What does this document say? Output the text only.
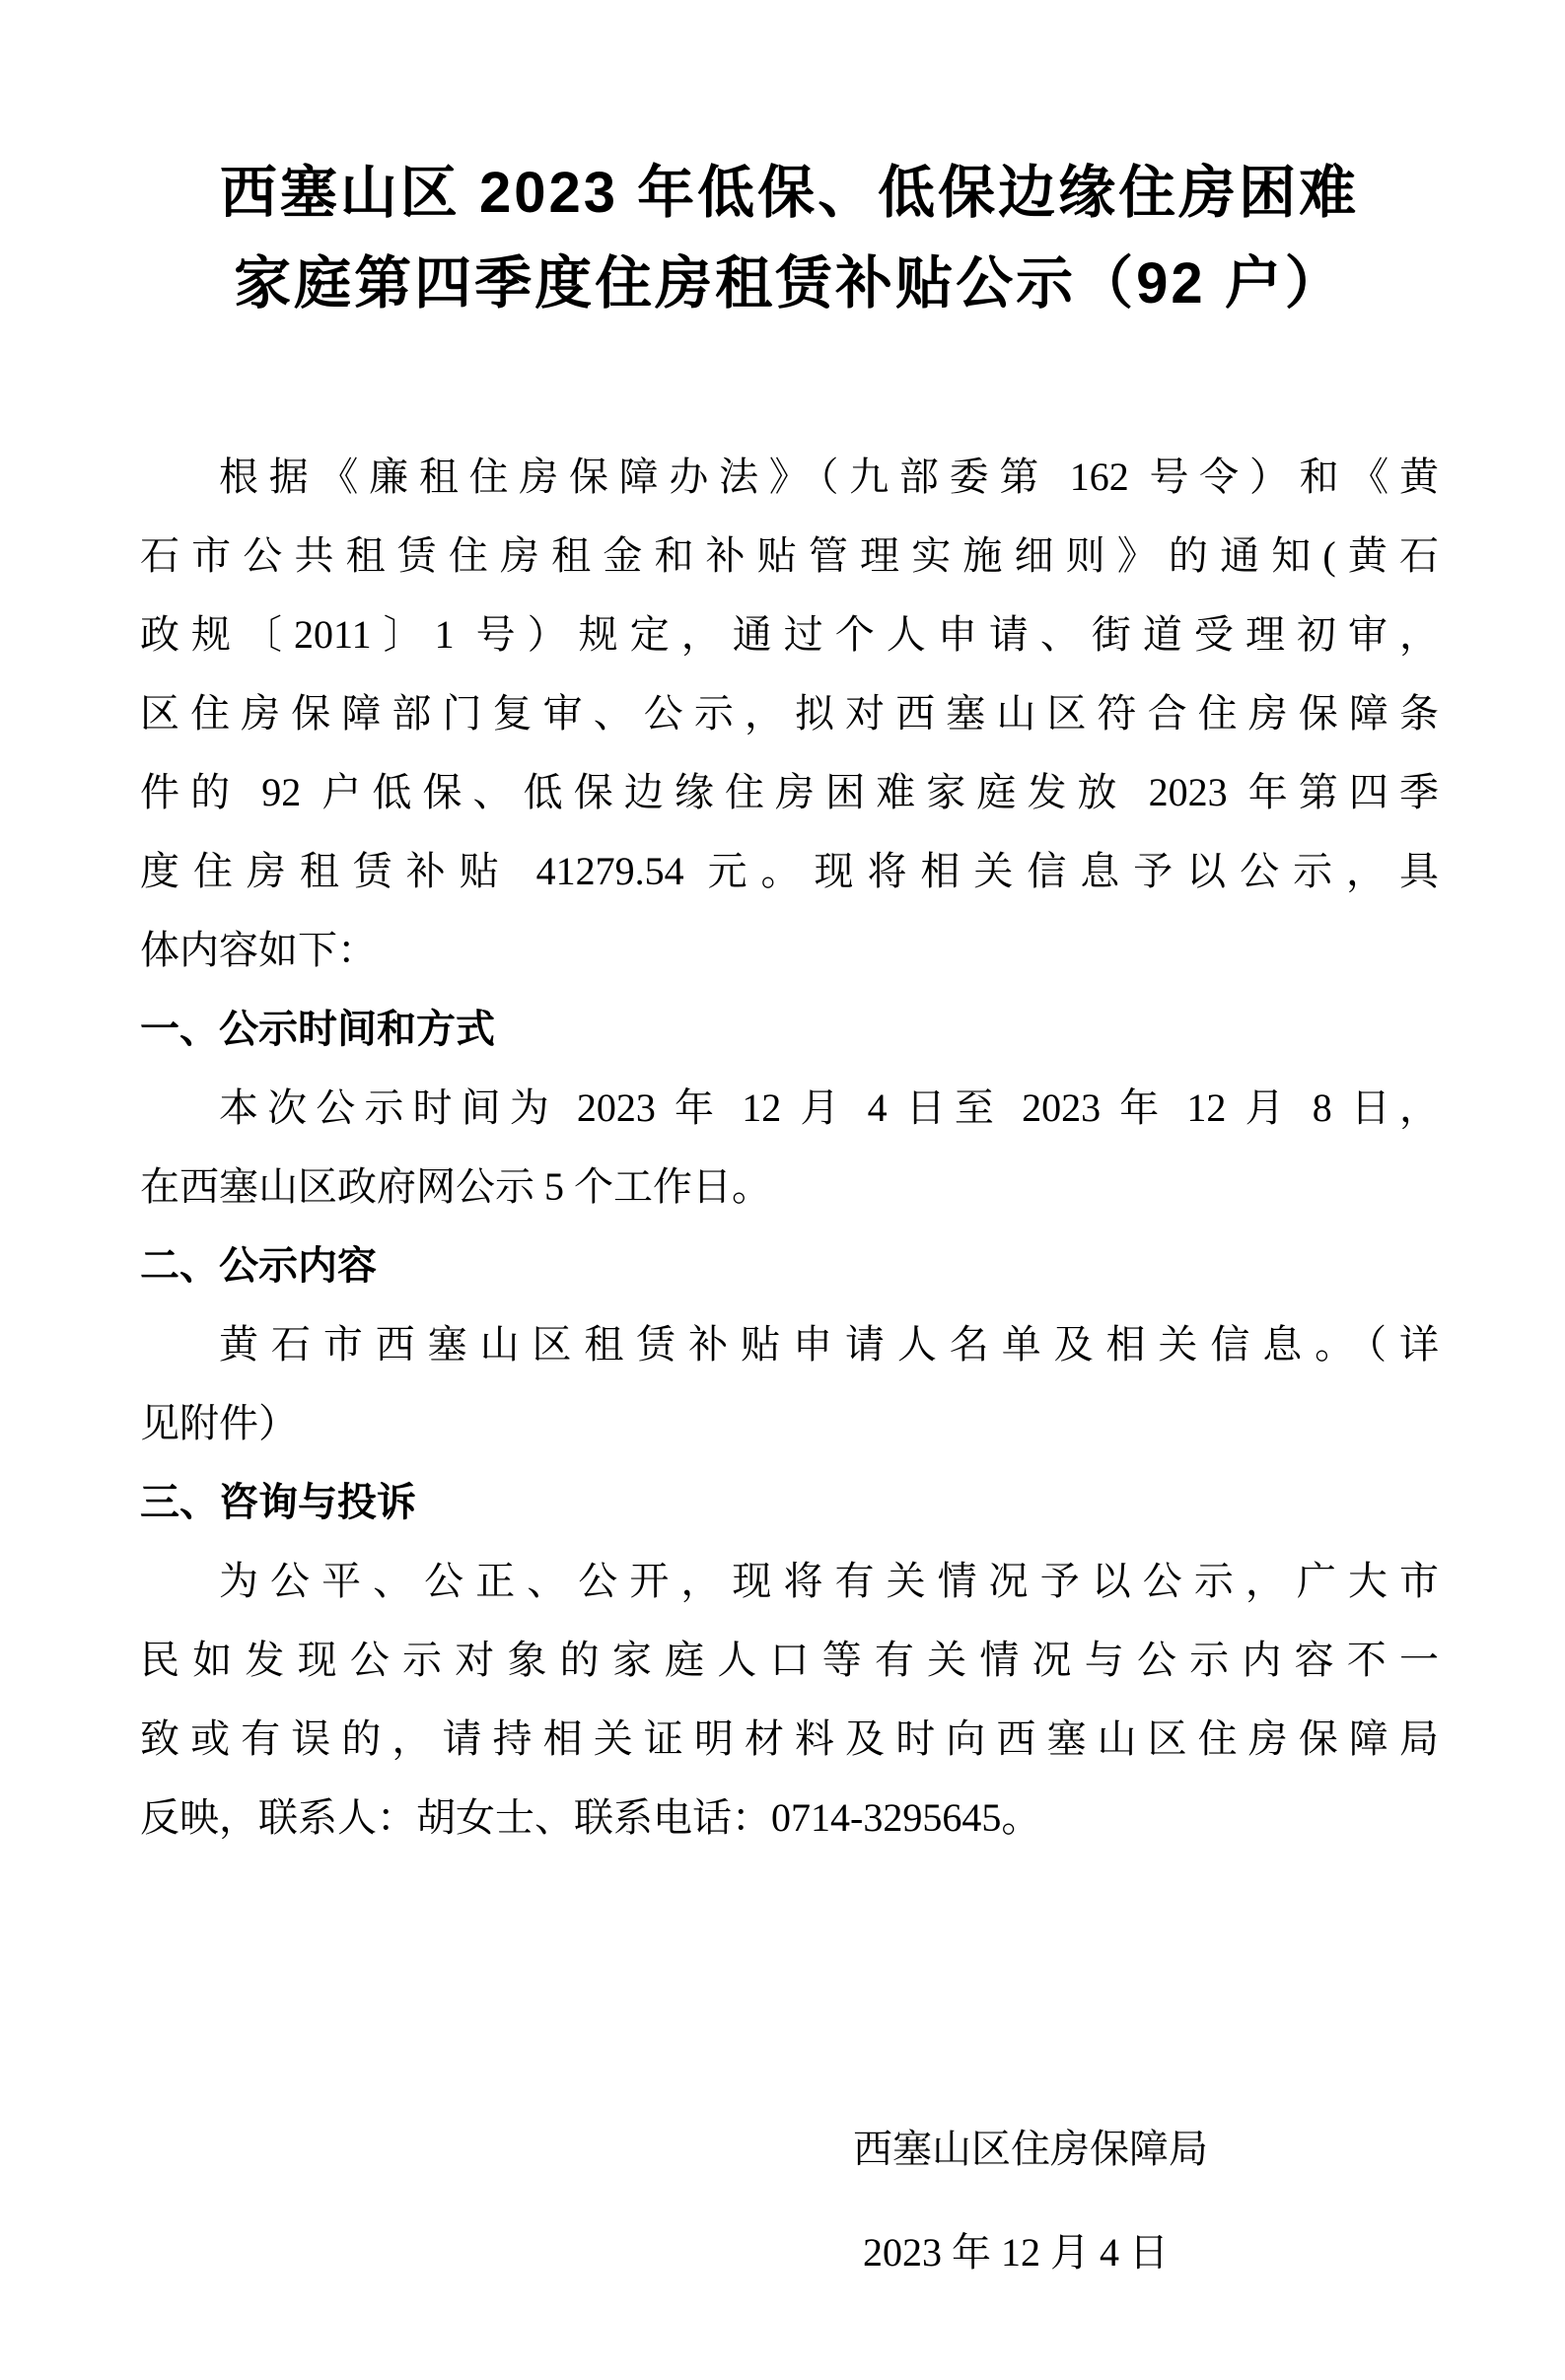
西塞山区 2023 年低保、低保边缘住房困难
家庭第四季度住房租赁补贴公示（92 户）
根据《廉租住房保障办法》（九部委第 162 号令）和《黄
石市公共租赁住房租金和补贴管理实施细则》的通知(黄石
政规〔2011〕1 号）规定，通过个人申请、街道受理初审，
区住房保障部门复审、公示，拟对西塞山区符合住房保障条
件的 92 户低保、低保边缘住房困难家庭发放 2023 年第四季
度住房租赁补贴 41279.54 元。现将相关信息予以公示，具
体内容如下：
一、公示时间和方式
本次公示时间为 2023 年 12 月 4 日至 2023 年 12 月 8 日，
在西塞山区政府网公示 5 个工作日。
二、公示内容
黄石市西塞山区租赁补贴申请人名单及相关信息。（详
见附件）
三、咨询与投诉
为公平、公正、公开，现将有关情况予以公示，广大市
民如发现公示对象的家庭人口等有关情况与公示内容不一
致或有误的，请持相关证明材料及时向西塞山区住房保障局
反映，联系人：胡女士、联系电话：0714-3295645。
西塞山区住房保障局
2023 年 12 月 4 日
